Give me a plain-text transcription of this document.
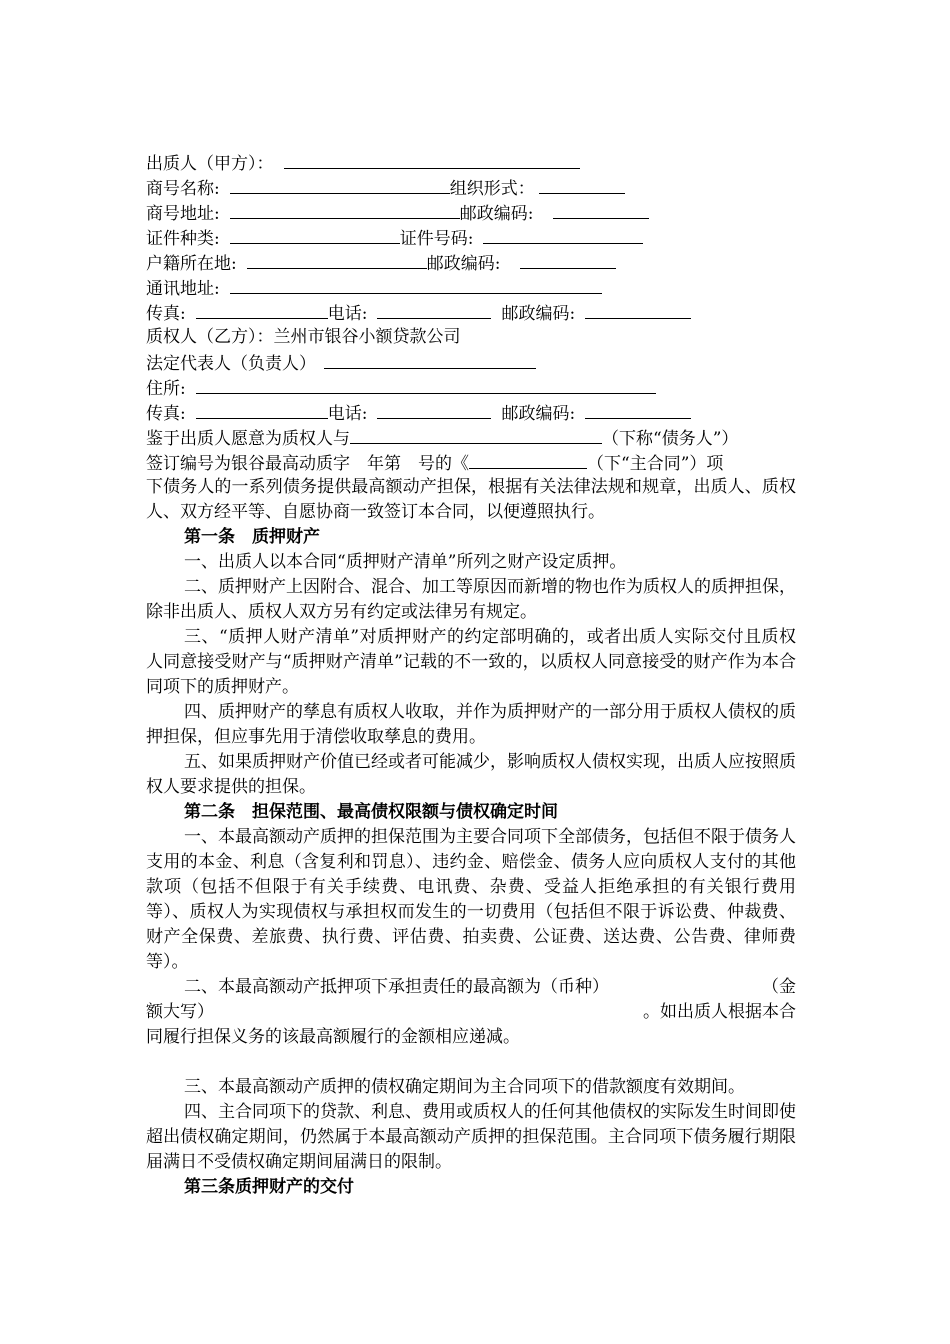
出质人（甲方）：
商号名称:	组织形式：
商号地址:	邮政编码:
证件种类:	证件号码:
户籍所在地:	邮政编码:
通讯地址:
传真:	电话:	邮政编码:
质权人（乙方）：兰州市银谷小额贷款公司
法定代表人（负责人）
住所:
传真:	电话:	邮政编码:
鉴于出质人愿意为质权人与	（下称“债务人”）
签订编号为银谷最高动质字　年第　号的《	（下“主合同”）项
下债务人的一系列债务提供最高额动产担保，根据有关法律法规和规章，出质人、质权人、双方经平等、自愿协商一致签订本合同，以便遵照执行。
第一条　质押财产
一、出质人以本合同“质押财产清单”所列之财产设定质押。
二、质押财产上因附合、混合、加工等原因而新增的物也作为质权人的质押担保，除非出质人、质权人双方另有约定或法律另有规定。
三、“质押人财产清单”对质押财产的约定部明确的，或者出质人实际交付且质权人同意接受财产与“质押财产清单”记载的不一致的，以质权人同意接受的财产作为本合同项下的质押财产。
四、质押财产的孳息有质权人收取，并作为质押财产的一部分用于质权人债权的质押担保，但应事先用于清偿收取孳息的费用。
五、如果质押财产价值已经或者可能减少，影响质权人债权实现，出质人应按照质权人要求提供的担保。
第二条　担保范围、最高债权限额与债权确定时间
一、本最高额动产质押的担保范围为主要合同项下全部债务，包括但不限于债务人支用的本金、利息（含复利和罚息）、违约金、赔偿金、债务人应向质权人支付的其他款项（包括不但限于有关手续费、电讯费、杂费、受益人拒绝承担的有关银行费用等）、质权人为实现债权与承担权而发生的一切费用（包括但不限于诉讼费、仲裁费、财产全保费、差旅费、执行费、评估费、拍卖费、公证费、送达费、公告费、律师费等）。
二、本最高额动产抵押项下承担责任的最高额为（币种）	（金
额大写）	。如出质人根据本合
同履行担保义务的该最高额履行的金额相应递减。
三、本最高额动产质押的债权确定期间为主合同项下的借款额度有效期间。
四、主合同项下的贷款、利息、费用或质权人的任何其他债权的实际发生时间即使超出债权确定期间，仍然属于本最高额动产质押的担保范围。主合同项下债务履行期限届满日不受债权确定期间届满日的限制。
第三条质押财产的交付
